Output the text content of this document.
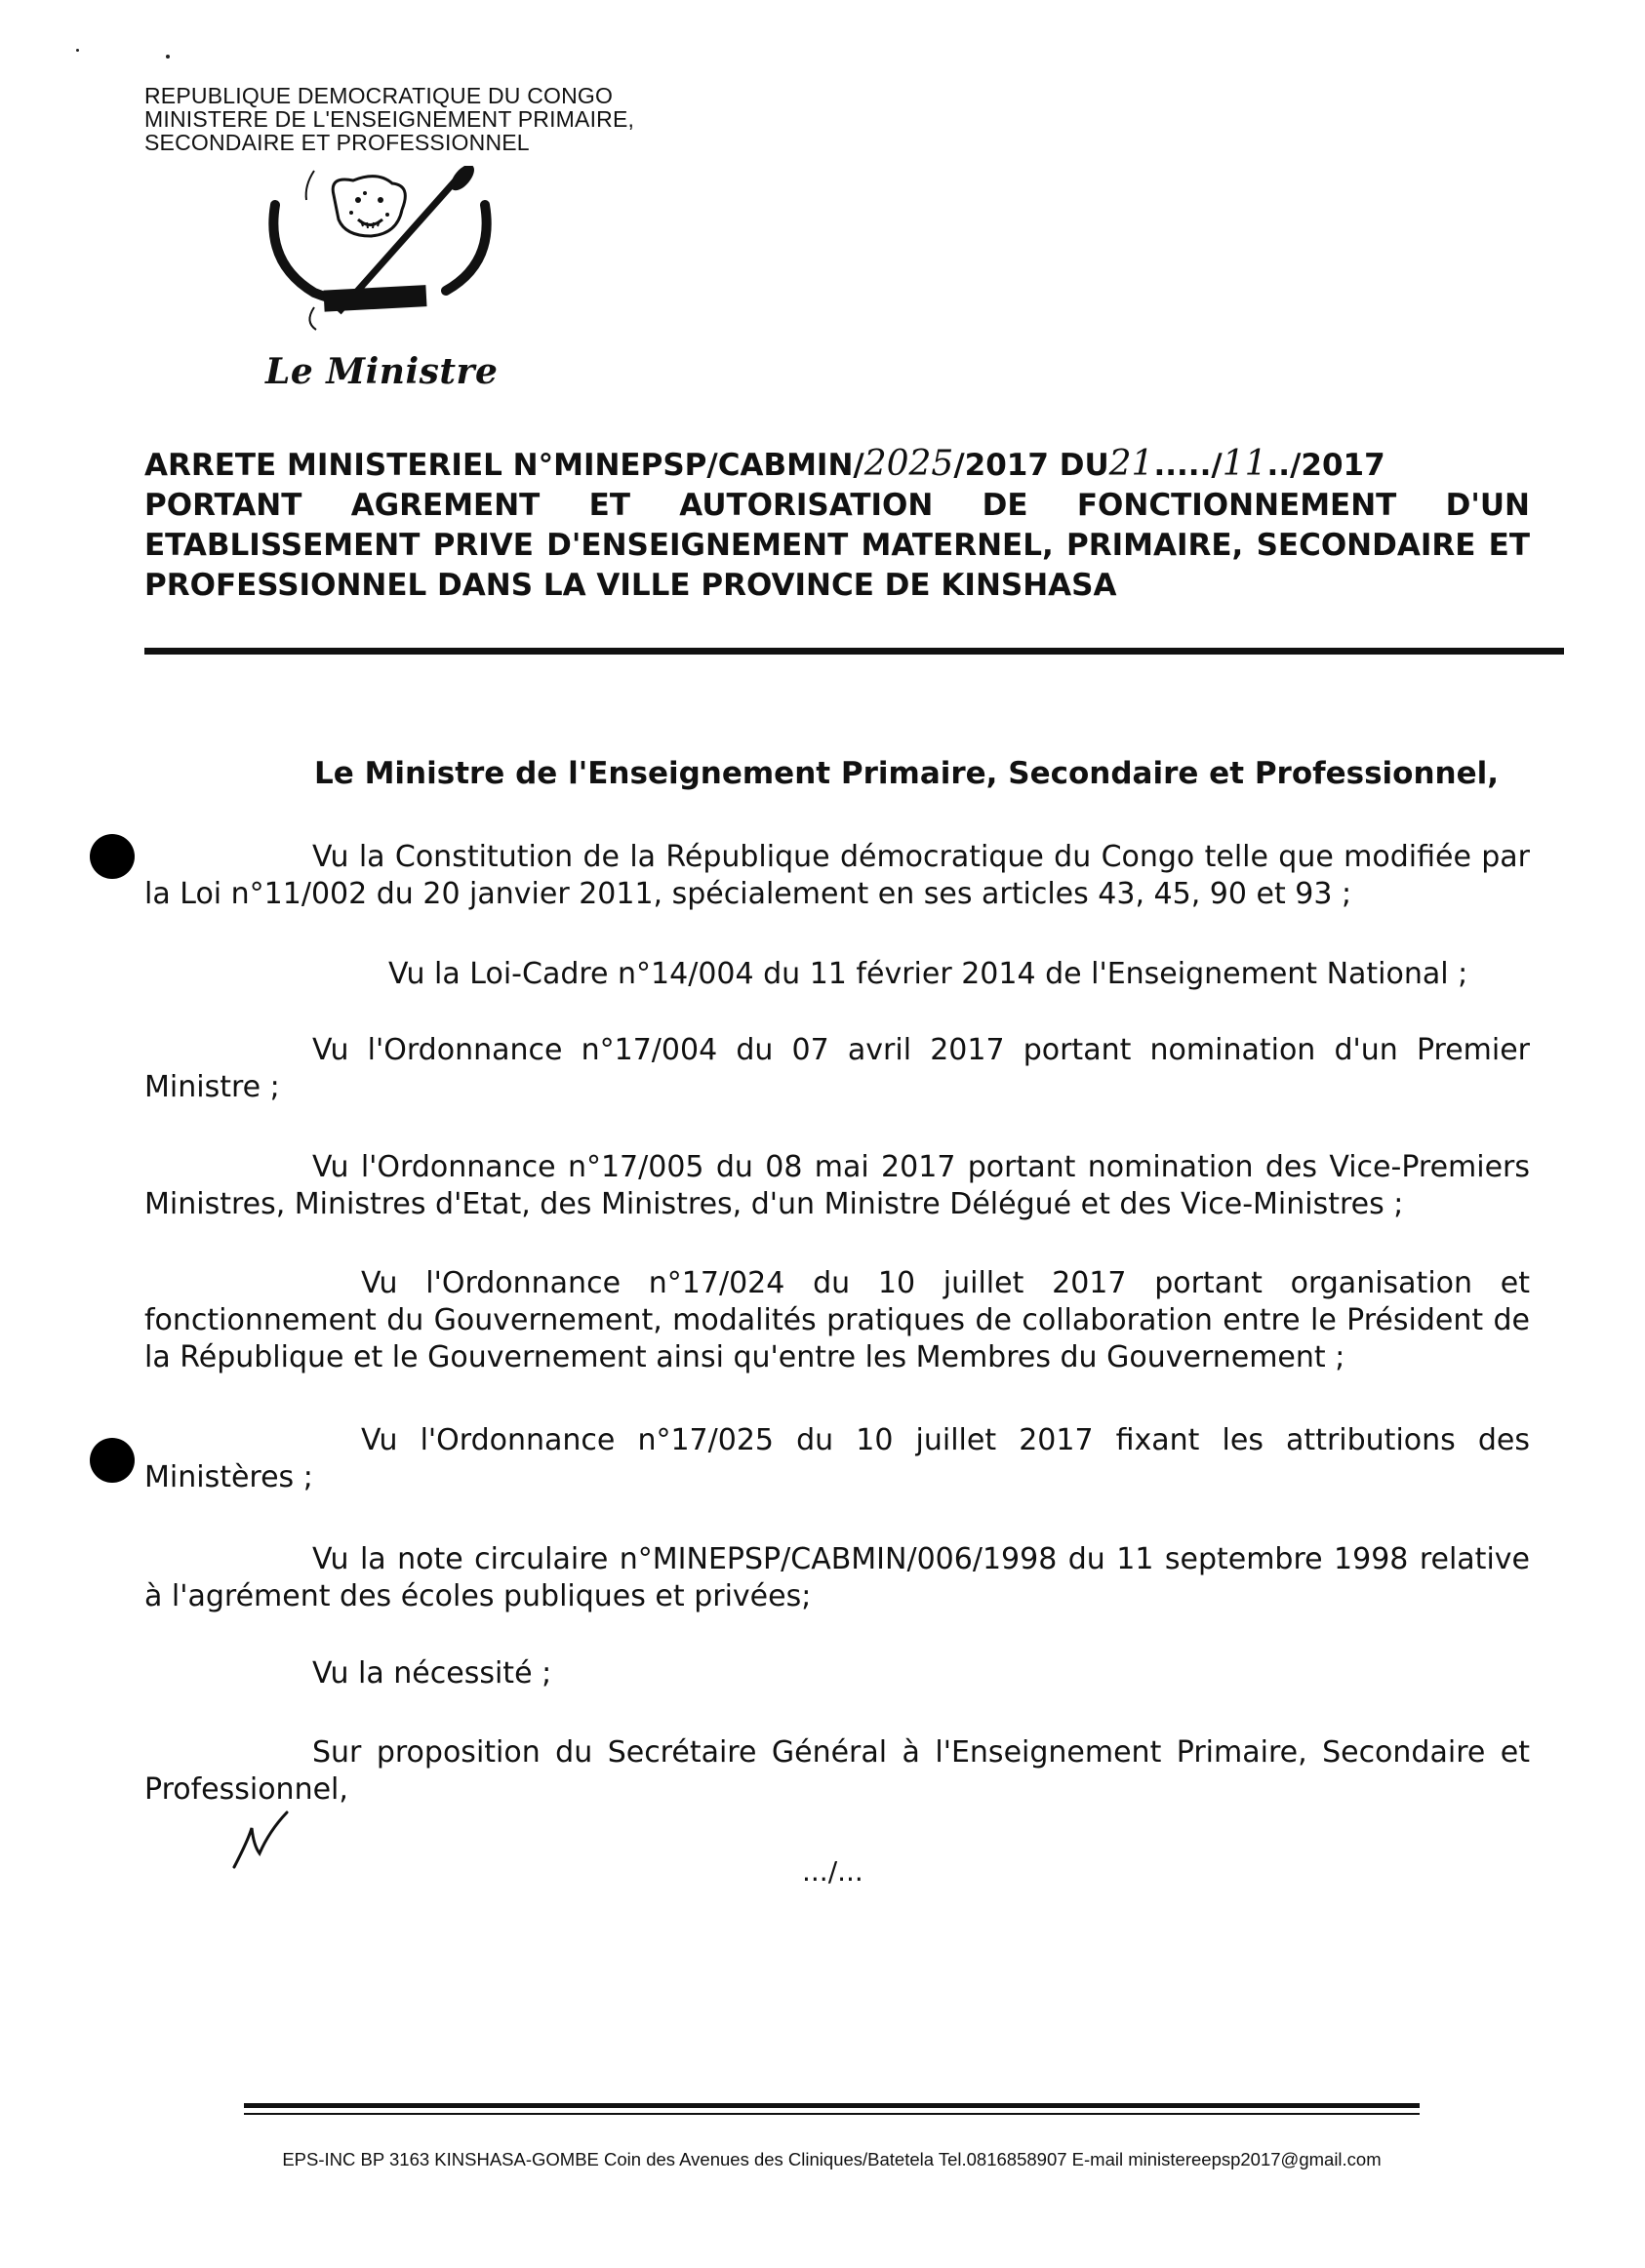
REPUBLIQUE DEMOCRATIQUE DU CONGO
MINISTERE DE L'ENSEIGNEMENT PRIMAIRE,
SECONDAIRE ET PROFESSIONNEL
Le Ministre
ARRETE MINISTERIEL N°MINEPSP/CABMIN/2025/2017 DU21...../11../2017
PORTANT AGREMENT ET AUTORISATION DE FONCTIONNEMENT D'UN
ETABLISSEMENT PRIVE D'ENSEIGNEMENT MATERNEL, PRIMAIRE, SECONDAIRE ET
PROFESSIONNEL DANS LA VILLE PROVINCE DE KINSHASA
Le Ministre de l'Enseignement Primaire, Secondaire et Professionnel,
Vu la Constitution de la République démocratique du Congo telle que modifiée par la Loi n°11/002 du 20 janvier 2011, spécialement en ses articles 43, 45, 90 et 93 ;
Vu la Loi-Cadre n°14/004 du 11 février 2014 de l'Enseignement National ;
Vu l'Ordonnance n°17/004 du 07 avril 2017 portant nomination d'un Premier Ministre ;
Vu l'Ordonnance n°17/005 du 08 mai 2017 portant nomination des Vice-Premiers Ministres, Ministres d'Etat, des Ministres, d'un Ministre Délégué et des Vice-Ministres ;
Vu l'Ordonnance n°17/024 du 10 juillet 2017 portant organisation et fonctionnement du Gouvernement, modalités pratiques de collaboration entre le Président de la République et le Gouvernement ainsi qu'entre les Membres du Gouvernement ;
Vu l'Ordonnance n°17/025 du 10 juillet 2017 fixant les attributions des Ministères ;
Vu la note circulaire n°MINEPSP/CABMIN/006/1998 du 11 septembre 1998 relative à l'agrément des écoles publiques et privées;
Vu la nécessité ;
Sur proposition du Secrétaire Général à l'Enseignement Primaire, Secondaire et Professionnel,
.../...
EPS-INC BP 3163 KINSHASA-GOMBE Coin des Avenues des Cliniques/Batetela Tel.0816858907 E-mail ministereepsp2017@gmail.com
